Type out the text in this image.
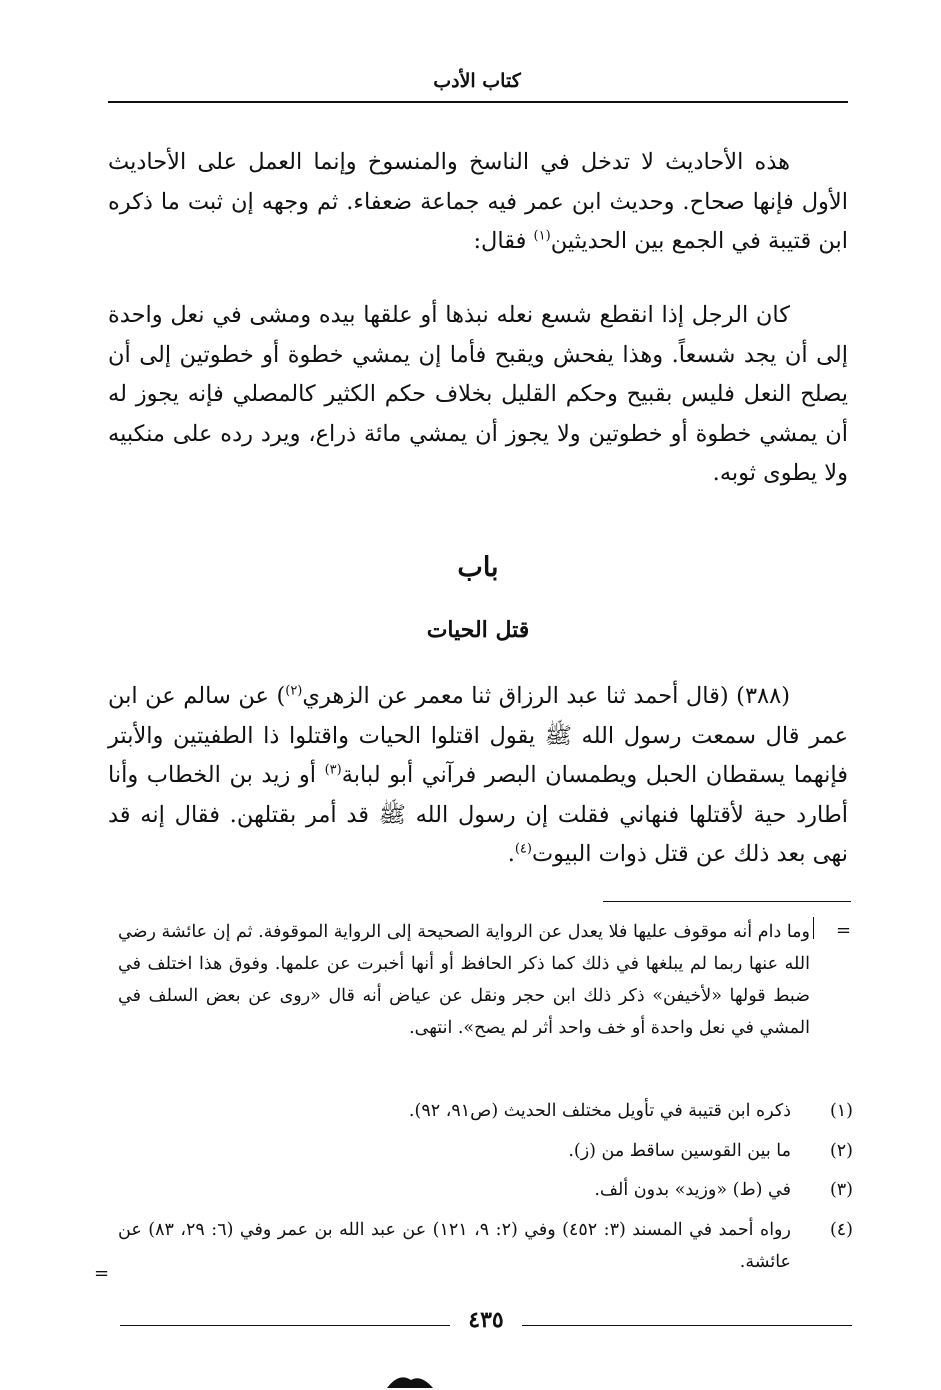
كتاب الأدب

هذه الأحاديث لا تدخل في الناسخ والمنسوخ وإنما العمل على الأحاديث الأول فإنها صحاح. وحديث ابن عمر فيه جماعة ضعفاء. ثم وجهه إن ثبت ما ذكره ابن قتيبة في الجمع بين الحديثين$^{(١)}$ فقال:

كان الرجل إذا انقطع شسع نعله نبذها أو علقها بيده ومشى في نعل واحدة إلى أن يجد شسعاً. وهذا يفحش ويقبح فأما إن يمشي خطوة أو خطوتين إلى أن يصلح النعل فليس بقبيح وحكم القليل بخلاف حكم الكثير كالمصلي فإنه يجوز له أن يمشي خطوة أو خطوتين ولا يجوز أن يمشي مائة ذراع، ويرد رده على منكبيه ولا يطوى ثوبه.

باب
قتل الحيات

(٣٨٨) (قال أحمد ثنا عبد الرزاق ثنا معمر عن الزهري$^{(٢)}$) عن سالم عن ابن عمر قال سمعت رسول الله ﷺ يقول اقتلوا الحيات واقتلوا ذا الطفيتين والأبتر فإنهما يسقطان الحبل ويطمسان البصر فرآني أبو لبابة$^{(٣)}$ أو زيد بن الخطاب وأنا أطارد حية لأقتلها فنهاني فقلت إن رسول الله ﷺ قد أمر بقتلهن. فقال إنه قد نهى بعد ذلك عن قتل ذوات البيوت$^{(٤)}$.

=

وما دام أنه موقوف عليها فلا يعدل عن الرواية الصحيحة إلى الرواية الموقوفة. ثم إن عائشة رضي الله عنها ربما لم يبلغها في ذلك كما ذكر الحافظ أو أنها أخبرت عن علمها. وفوق هذا اختلف في ضبط قولها «لأخيفن» ذكر ذلك ابن حجر ونقل عن عياض أنه قال «روى عن بعض السلف في المشي في نعل واحدة أو خف واحد أثر لم يصح». انتهى.

(١)
ذكره ابن قتيبة في تأويل مختلف الحديث (ص٩١، ٩٢).

(٢)
ما بين القوسين ساقط من (ز).

(٣)
في (ط) «وزيد» بدون ألف.

(٤)
رواه أحمد في المسند (٣: ٤٥٢) وفي (٢: ٩، ١٢١) عن عبد الله بن عمر وفي (٦: ٢٩، ٨٣) عن عائشة.

=
٤٣٥
